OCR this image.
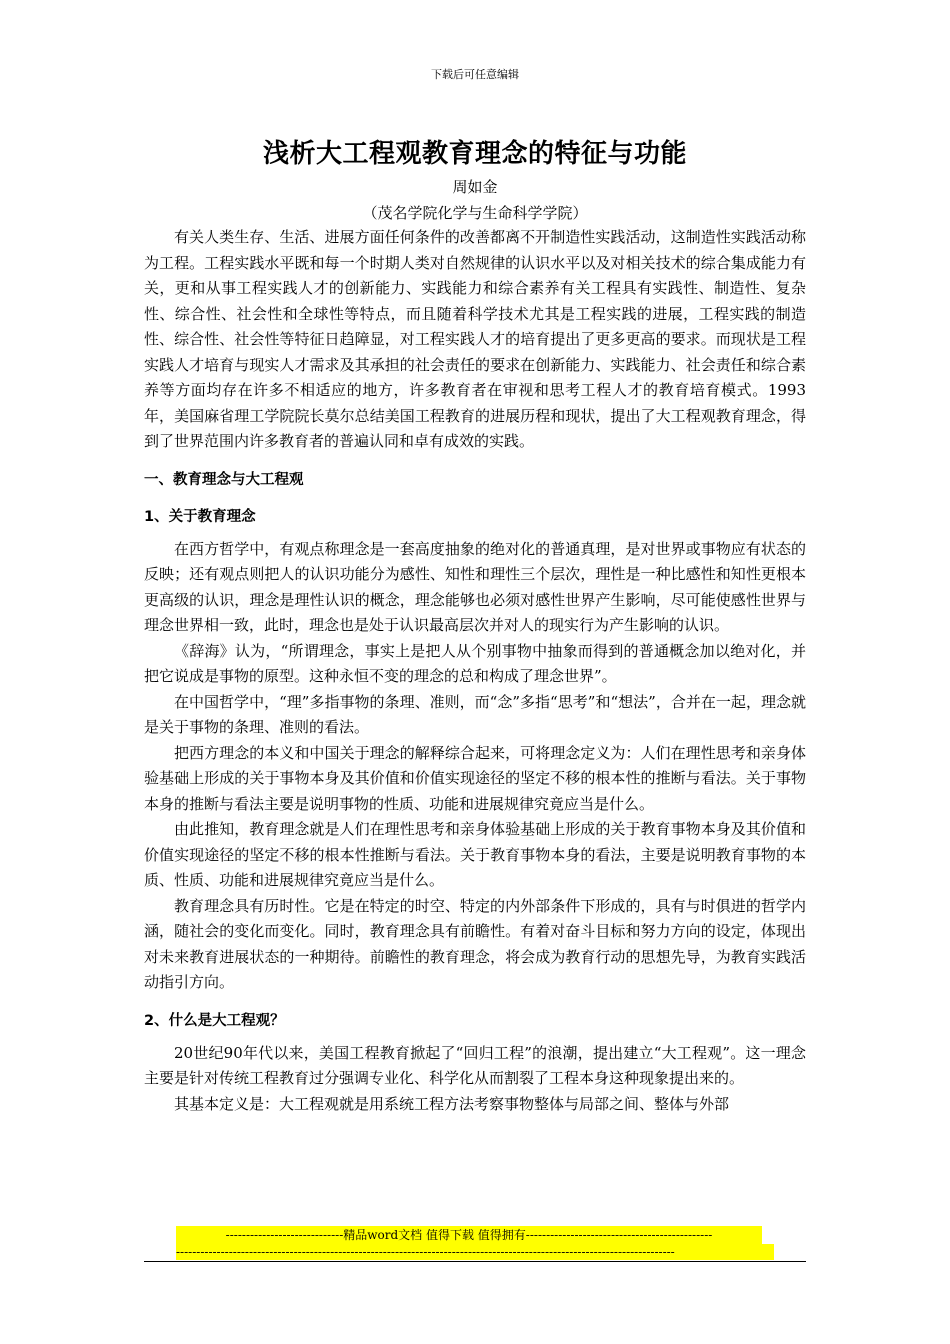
下载后可任意编辑
浅析大工程观教育理念的特征与功能
周如金
（茂名学院化学与生命科学学院）

有关人类生存、生活、进展方面任何条件的改善都离不开制造性实践活动，这制造性实践活动称为工程。工程实践水平既和每一个时期人类对自然规律的认识水平以及对相关技术的综合集成能力有关，更和从事工程实践人才的创新能力、实践能力和综合素养有关工程具有实践性、制造性、复杂性、综合性、社会性和全球性等特点，而且随着科学技术尤其是工程实践的进展，工程实践的制造性、综合性、社会性等特征日趋障显，对工程实践人才的培育提出了更多更高的要求。而现状是工程实践人才培育与现实人才需求及其承担的社会责任的要求在创新能力、实践能力、社会责任和综合素养等方面均存在许多不相适应的地方，许多教育者在审视和思考工程人才的教育培育模式。1993年，美国麻省理工学院院长莫尔总结美国工程教育的进展历程和现状，提出了大工程观教育理念，得到了世界范围内许多教育者的普遍认同和卓有成效的实践。

一、教育理念与大工程观
1、关于教育理念

在西方哲学中，有观点称理念是一套高度抽象的绝对化的普通真理，是对世界或事物应有状态的反映；还有观点则把人的认识功能分为感性、知性和理性三个层次，理性是一种比感性和知性更根本更高级的认识，理念是理性认识的概念，理念能够也必须对感性世界产生影响，尽可能使感性世界与理念世界相一致，此时，理念也是处于认识最高层次并对人的现实行为产生影响的认识。

《辞海》认为，“所谓理念，事实上是把人从个别事物中抽象而得到的普通概念加以绝对化，并把它说成是事物的原型。这种永恒不变的理念的总和构成了理念世界”。

在中国哲学中，“理”多指事物的条理、准则，而“念”多指“思考”和“想法”，合并在一起，理念就是关于事物的条理、准则的看法。

把西方理念的本义和中国关于理念的解释综合起来，可将理念定义为：人们在理性思考和亲身体验基础上形成的关于事物本身及其价值和价值实现途径的坚定不移的根本性的推断与看法。关于事物本身的推断与看法主要是说明事物的性质、功能和进展规律究竟应当是什么。

由此推知，教育理念就是人们在理性思考和亲身体验基础上形成的关于教育事物本身及其价值和价值实现途径的坚定不移的根本性推断与看法。关于教育事物本身的看法，主要是说明教育事物的本质、性质、功能和进展规律究竟应当是什么。

教育理念具有历时性。它是在特定的时空、特定的内外部条件下形成的，具有与时俱进的哲学内涵，随社会的变化而变化。同时，教育理念具有前瞻性。有着对奋斗目标和努力方向的设定，体现出对未来教育进展状态的一种期待。前瞻性的教育理念，将会成为教育行动的思想先导，为教育实践活动指引方向。

2、什么是大工程观？

20世纪90年代以来，美国工程教育掀起了“回归工程”的浪潮，提出建立“大工程观”。这一理念主要是针对传统工程教育过分强调专业化、科学化从而割裂了工程本身这种现象提出来的。

其基本定义是：大工程观就是用系统工程方法考察事物整体与局部之间、整体与外部

-----------------------------精品word文档 值得下载 值得拥有----------------------------------------------
---------------------------------------------------------------------------------------------------------------------------
